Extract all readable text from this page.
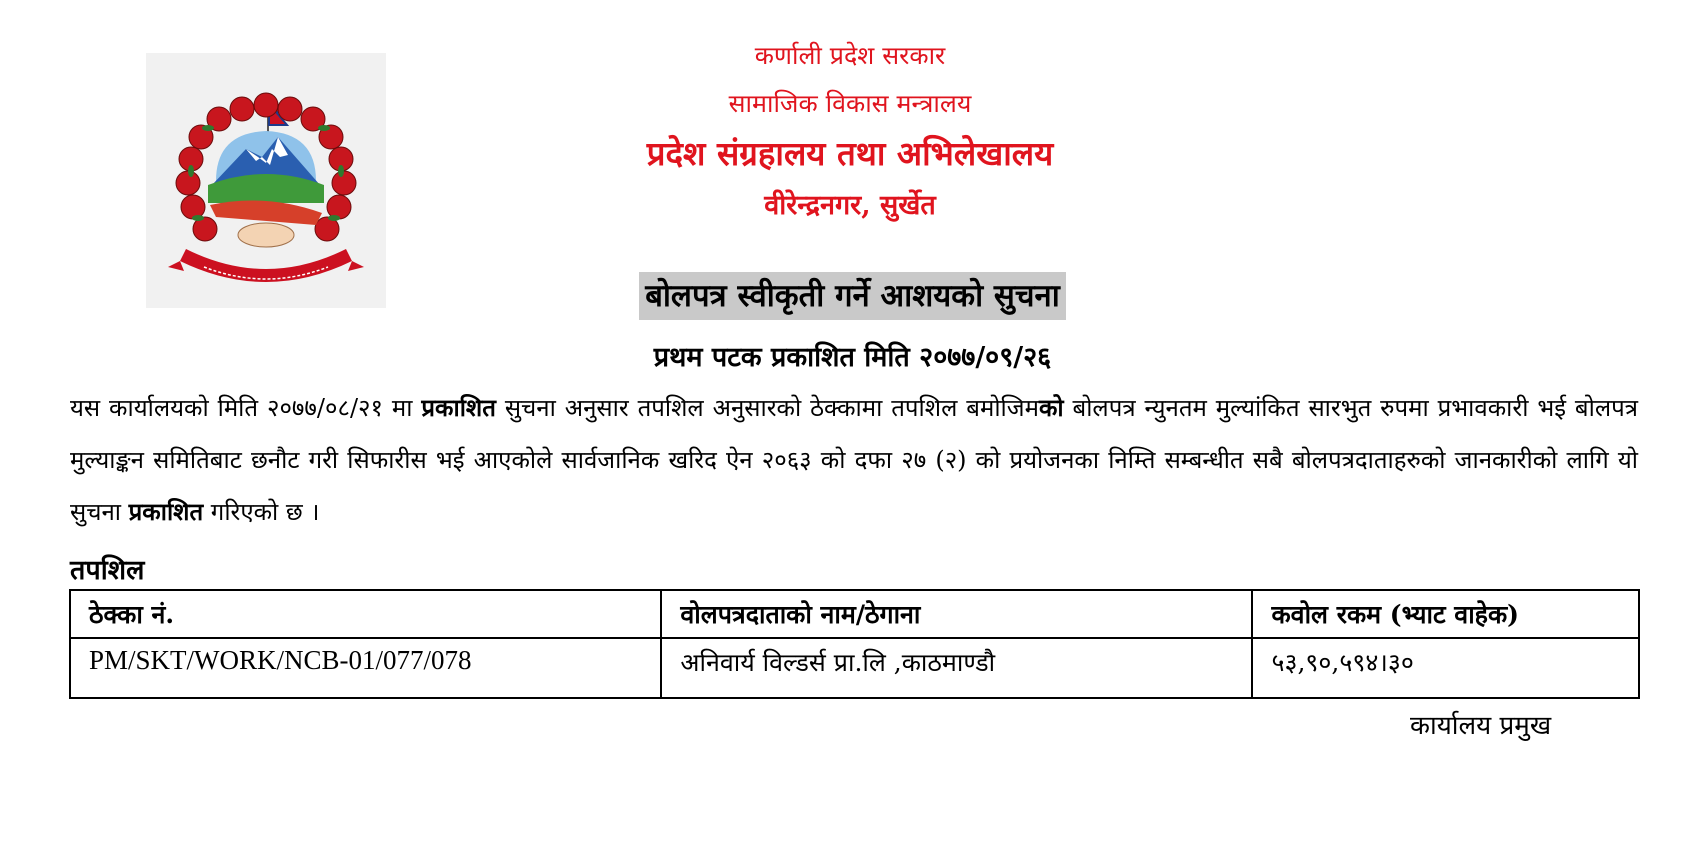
कर्णाली प्रदेश सरकार
सामाजिक विकास मन्त्रालय
प्रदेश संग्रहालय तथा अभिलेखालय
वीरेन्द्रनगर, सुर्खेत
बोलपत्र स्वीकृती गर्ने आशयको सुचना
प्रथम पटक प्रकाशित मिति २०७७/०९/२६
यस कार्यालयको मिति २०७७/०८/२१ मा प्रकाशित सुचना अनुसार तपशिल अनुसारको ठेक्कामा तपशिल बमोजिमको बोलपत्र न्युनतम मुल्यांकित सारभुत रुपमा प्रभावकारी भई बोलपत्र मुल्याङ्कन समितिबाट छनौट गरी सिफारीस भई आएकोले सार्वजानिक खरिद ऐन २०६३ को दफा २७ (२) को प्रयोजनका निम्ति सम्बन्धीत सबै बोलपत्रदाताहरुको जानकारीको लागि यो सुचना प्रकाशित गरिएको छ ।
तपशिल
ठेक्का नं.	वोलपत्रदाताको नाम/ठेगाना	कवोल रकम (भ्याट वाहेक)
PM/SKT/WORK/NCB-01/077/078	अनिवार्य विल्डर्स प्रा.लि ,काठमाण्डौ	५३,९०,५९४।३०
कार्यालय प्रमुख
